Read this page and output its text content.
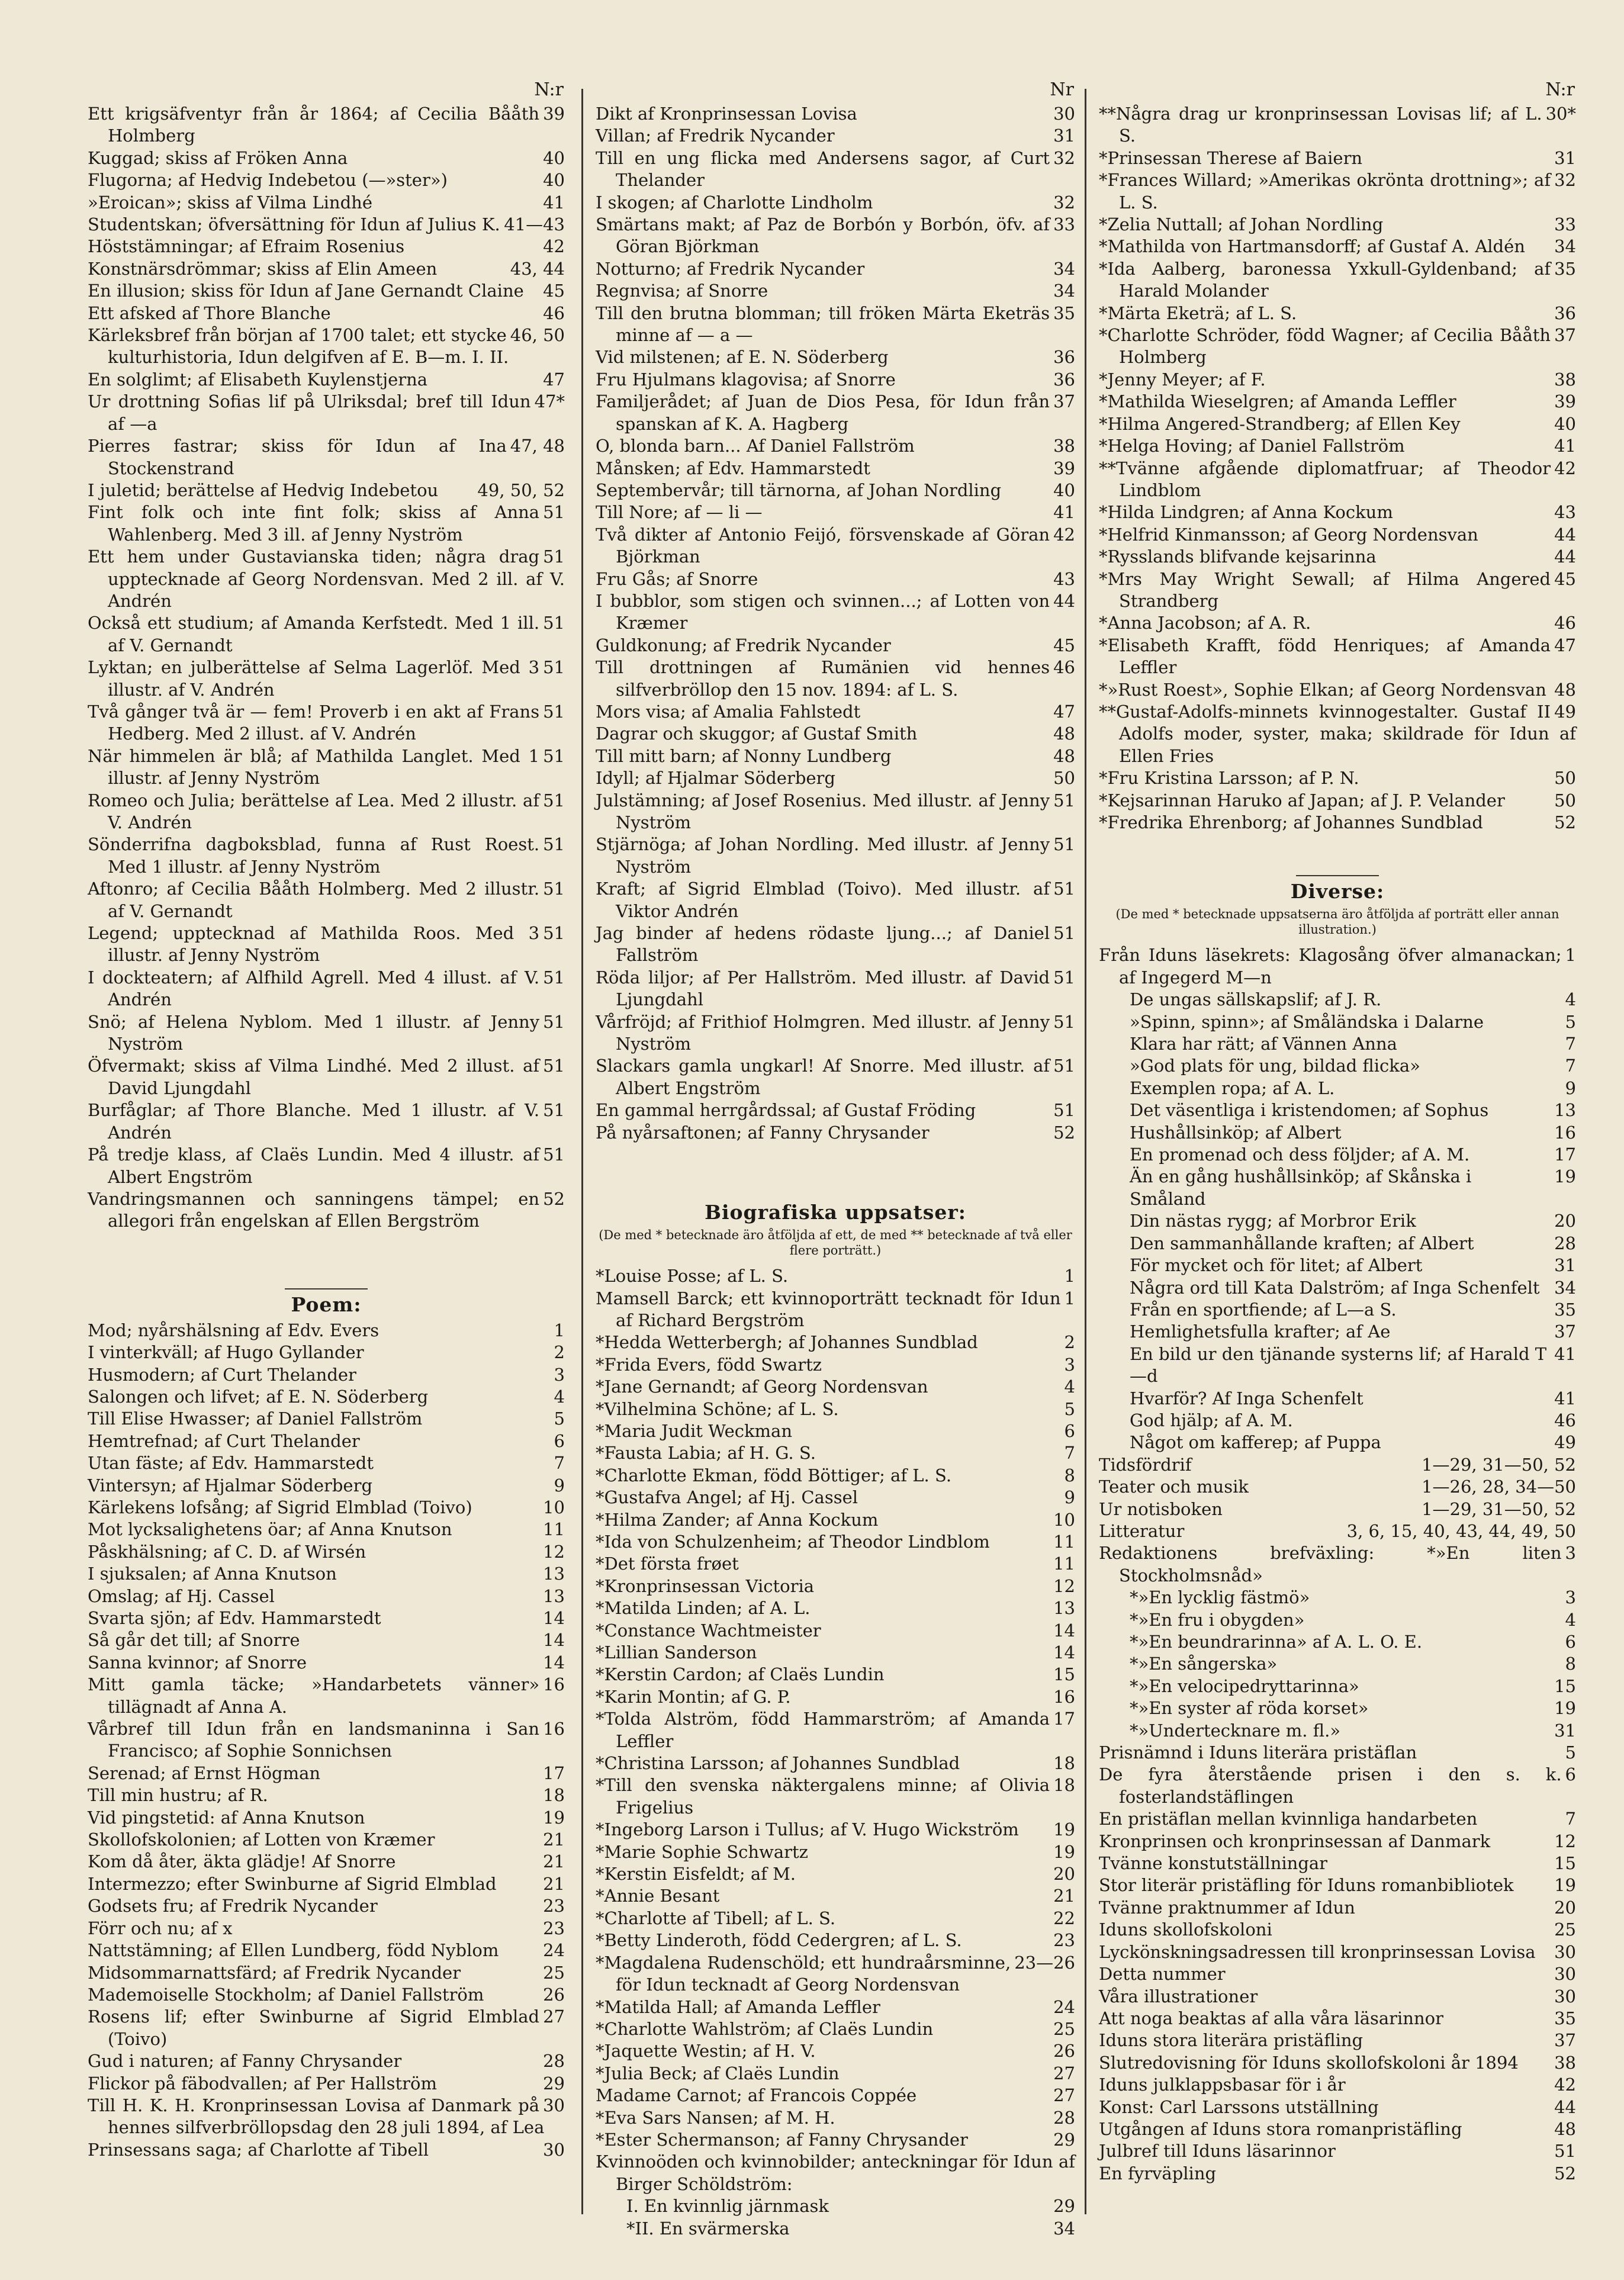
N:r
39
Ett krigsäfventyr från år 1864; af Cecilia Bååth Holmberg
40
Kuggad; skiss af Fröken Anna
40
Flugorna; af Hedvig Indebetou (—»ster»)
41
»Eroican»; skiss af Vilma Lindhé
41—43
Studentskan; öfversättning för Idun af Julius K.
42
Höststämningar; af Efraim Rosenius
43, 44
Konstnärsdrömmar; skiss af Elin Ameen
45
En illusion; skiss för Idun af Jane Gernandt Claine
46
Ett afsked af Thore Blanche
46, 50
Kärleksbref från början af 1700 talet; ett stycke kulturhistoria, Idun delgifven af E. B—m. I. II.
47
En solglimt; af Elisabeth Kuylenstjerna
47*
Ur drottning Sofias lif på Ulriksdal; bref till Idun af —a
47, 48
Pierres fastrar; skiss för Idun af Ina Stockenstrand
49, 50, 52
I juletid; berättelse af Hedvig Indebetou
51
Fint folk och inte fint folk; skiss af Anna Wahlenberg. Med 3 ill. af Jenny Nyström
51
Ett hem under Gustavianska tiden; några drag upptecknade af Georg Nordensvan. Med 2 ill. af V. Andrén
51
Också ett studium; af Amanda Kerfstedt. Med 1 ill. af V. Gernandt
51
Lyktan; en julberättelse af Selma Lagerlöf. Med 3 illustr. af V. Andrén
51
Två gånger två är — fem! Proverb i en akt af Frans Hedberg. Med 2 illust. af V. Andrén
51
När himmelen är blå; af Mathilda Langlet. Med 1 illustr. af Jenny Nyström
51
Romeo och Julia; berättelse af Lea. Med 2 illustr. af V. Andrén
51
Sönderrifna dagboksblad, funna af Rust Roest. Med 1 illustr. af Jenny Nyström
51
Aftonro; af Cecilia Bååth Holmberg. Med 2 illustr. af V. Gernandt
51
Legend; upptecknad af Mathilda Roos. Med 3 illustr. af Jenny Nyström
51
I dockteatern; af Alfhild Agrell. Med 4 illust. af V. Andrén
51
Snö; af Helena Nyblom. Med 1 illustr. af Jenny Nyström
51
Öfvermakt; skiss af Vilma Lindhé. Med 2 illust. af David Ljungdahl
51
Burfåglar; af Thore Blanche. Med 1 illustr. af V. Andrén
51
På tredje klass, af Claës Lundin. Med 4 illustr. af Albert Engström
52
Vandringsmannen och sanningens tämpel; en allegori från engelskan af Ellen Bergström
Poem:
1
Mod; nyårshälsning af Edv. Evers
2
I vinterkväll; af Hugo Gyllander
3
Husmodern; af Curt Thelander
4
Salongen och lifvet; af E. N. Söderberg
5
Till Elise Hwasser; af Daniel Fallström
6
Hemtrefnad; af Curt Thelander
7
Utan fäste; af Edv. Hammarstedt
9
Vintersyn; af Hjalmar Söderberg
10
Kärlekens lofsång; af Sigrid Elmblad (Toivo)
11
Mot lycksalighetens öar; af Anna Knutson
12
Påskhälsning; af C. D. af Wirsén
13
I sjuksalen; af Anna Knutson
13
Omslag; af Hj. Cassel
14
Svarta sjön; af Edv. Hammarstedt
14
Så går det till; af Snorre
14
Sanna kvinnor; af Snorre
16
Mitt gamla täcke; »Handarbetets vänner» tillägnadt af Anna A.
16
Vårbref till Idun från en landsmaninna i San Francisco; af Sophie Sonnichsen
17
Serenad; af Ernst Högman
18
Till min hustru; af R.
19
Vid pingstetid: af Anna Knutson
21
Skollofskolonien; af Lotten von Kræmer
21
Kom då åter, äkta glädje! Af Snorre
21
Intermezzo; efter Swinburne af Sigrid Elmblad
23
Godsets fru; af Fredrik Nycander
23
Förr och nu; af x
24
Nattstämning; af Ellen Lundberg, född Nyblom
25
Midsommarnattsfärd; af Fredrik Nycander
26
Mademoiselle Stockholm; af Daniel Fallström
27
Rosens lif; efter Swinburne af Sigrid Elmblad (Toivo)
28
Gud i naturen; af Fanny Chrysander
29
Flickor på fäbodvallen; af Per Hallström
30
Till H. K. H. Kronprinsessan Lovisa af Danmark på hennes silfverbröllopsdag den 28 juli 1894, af Lea
30
Prinsessans saga; af Charlotte af Tibell
Nr
30
Dikt af Kronprinsessan Lovisa
31
Villan; af Fredrik Nycander
32
Till en ung flicka med Andersens sagor, af Curt Thelander
32
I skogen; af Charlotte Lindholm
33
Smärtans makt; af Paz de Borbón y Borbón, öfv. af Göran Björkman
34
Notturno; af Fredrik Nycander
34
Regnvisa; af Snorre
35
Till den brutna blomman; till fröken Märta Eketräs minne af — a —
36
Vid milstenen; af E. N. Söderberg
36
Fru Hjulmans klagovisa; af Snorre
37
Familjerådet; af Juan de Dios Pesa, för Idun från spanskan af K. A. Hagberg
38
O, blonda barn... Af Daniel Fallström
39
Månsken; af Edv. Hammarstedt
40
Septembervår; till tärnorna, af Johan Nordling
41
Till Nore; af — li —
42
Två dikter af Antonio Feijó, försvenskade af Göran Björkman
43
Fru Gås; af Snorre
44
I bubblor, som stigen och svinnen...; af Lotten von Kræmer
45
Guldkonung; af Fredrik Nycander
46
Till drottningen af Rumänien vid hennes silfverbröllop den 15 nov. 1894: af L. S.
47
Mors visa; af Amalia Fahlstedt
48
Dagrar och skuggor; af Gustaf Smith
48
Till mitt barn; af Nonny Lundberg
50
Idyll; af Hjalmar Söderberg
51
Julstämning; af Josef Rosenius. Med illustr. af Jenny Nyström
51
Stjärnöga; af Johan Nordling. Med illustr. af Jenny Nyström
51
Kraft; af Sigrid Elmblad (Toivo). Med illustr. af Viktor Andrén
51
Jag binder af hedens rödaste ljung...; af Daniel Fallström
51
Röda liljor; af Per Hallström. Med illustr. af David Ljungdahl
51
Vårfröjd; af Frithiof Holmgren. Med illustr. af Jenny Nyström
51
Slackars gamla ungkarl! Af Snorre. Med illustr. af Albert Engström
51
En gammal herrgårdssal; af Gustaf Fröding
52
På nyårsaftonen; af Fanny Chrysander
Biografiska uppsatser:
(De med * betecknade äro åtföljda af ett, de med ** betecknade af två eller flere porträtt.)
1
*Louise Posse; af L. S.
1
Mamsell Barck; ett kvinnoporträtt tecknadt för Idun af Richard Bergström
2
*Hedda Wetterbergh; af Johannes Sundblad
3
*Frida Evers, född Swartz
4
*Jane Gernandt; af Georg Nordensvan
5
*Vilhelmina Schöne; af L. S.
6
*Maria Judit Weckman
7
*Fausta Labia; af H. G. S.
8
*Charlotte Ekman, född Böttiger; af L. S.
9
*Gustafva Angel; af Hj. Cassel
10
*Hilma Zander; af Anna Kockum
11
*Ida von Schulzenheim; af Theodor Lindblom
11
*Det första frøet
12
*Kronprinsessan Victoria
13
*Matilda Linden; af A. L.
14
*Constance Wachtmeister
14
*Lillian Sanderson
15
*Kerstin Cardon; af Claës Lundin
16
*Karin Montin; af G. P.
17
*Tolda Alström, född Hammarström; af Amanda Leffler
18
*Christina Larsson; af Johannes Sundblad
18
*Till den svenska näktergalens minne; af Olivia Frigelius
19
*Ingeborg Larson i Tullus; af V. Hugo Wickström
19
*Marie Sophie Schwartz
20
*Kerstin Eisfeldt; af M.
21
*Annie Besant
22
*Charlotte af Tibell; af L. S.
23
*Betty Linderoth, född Cedergren; af L. S.
23—26
*Magdalena Rudenschöld; ett hundraårsminne, för Idun tecknadt af Georg Nordensvan
24
*Matilda Hall; af Amanda Leffler
25
*Charlotte Wahlström; af Claës Lundin
26
*Jaquette Westin; af H. V.
27
*Julia Beck; af Claës Lundin
27
Madame Carnot; af Francois Coppée
28
*Eva Sars Nansen; af M. H.
29
*Ester Schermanson; af Fanny Chrysander
Kvinnoöden och kvinnobilder; anteckningar för Idun af Birger Schöldström:
29
I. En kvinnlig järnmask
34
*II. En svärmerska
N:r
30*
**Några drag ur kronprinsessan Lovisas lif; af L. S.
31
*Prinsessan Therese af Baiern
32
*Frances Willard; »Amerikas okrönta drottning»; af L. S.
33
*Zelia Nuttall; af Johan Nordling
34
*Mathilda von Hartmansdorff; af Gustaf A. Aldén
35
*Ida Aalberg, baronessa Yxkull-Gyldenband; af Harald Molander
36
*Märta Eketrä; af L. S.
37
*Charlotte Schröder, född Wagner; af Cecilia Bååth Holmberg
38
*Jenny Meyer; af F.
39
*Mathilda Wieselgren; af Amanda Leffler
40
*Hilma Angered-Strandberg; af Ellen Key
41
*Helga Hoving; af Daniel Fallström
42
**Tvänne afgående diplomatfruar; af Theodor Lindblom
43
*Hilda Lindgren; af Anna Kockum
44
*Helfrid Kinmansson; af Georg Nordensvan
44
*Rysslands blifvande kejsarinna
45
*Mrs May Wright Sewall; af Hilma Angered Strandberg
46
*Anna Jacobson; af A. R.
47
*Elisabeth Krafft, född Henriques; af Amanda Leffler
48
*»Rust Roest», Sophie Elkan; af Georg Nordensvan
49
**Gustaf-Adolfs-minnets kvinnogestalter. Gustaf II Adolfs moder, syster, maka; skildrade för Idun af Ellen Fries
50
*Fru Kristina Larsson; af P. N.
50
*Kejsarinnan Haruko af Japan; af J. P. Velander
52
*Fredrika Ehrenborg; af Johannes Sundblad
Diverse:
(De med * betecknade uppsatserna äro åtföljda af porträtt eller annan illustration.)
1
Från Iduns läsekrets: Klagosång öfver almanackan; af Ingegerd M—n
4
De ungas sällskapslif; af J. R.
5
»Spinn, spinn»; af Småländska i Dalarne
7
Klara har rätt; af Vännen Anna
7
»God plats för ung, bildad flicka»
9
Exemplen ropa; af A. L.
13
Det väsentliga i kristendomen; af Sophus
16
Hushållsinköp; af Albert
17
En promenad och dess följder; af A. M.
19
Än en gång hushållsinköp; af Skånska i Småland
20
Din nästas rygg; af Morbror Erik
28
Den sammanhållande kraften; af Albert
31
För mycket och för litet; af Albert
34
Några ord till Kata Dalström; af Inga Schenfelt
35
Från en sportfiende; af L—a S.
37
Hemlighetsfulla krafter; af Ae
41
En bild ur den tjänande systerns lif; af Harald T—d
41
Hvarför? Af Inga Schenfelt
46
God hjälp; af A. M.
49
Något om kafferep; af Puppa
1—29, 31—50, 52
Tidsfördrif
1—26, 28, 34—50
Teater och musik
1—29, 31—50, 52
Ur notisboken
3, 6, 15, 40, 43, 44, 49, 50
Litteratur
3
Redaktionens brefväxling: *»En liten Stockholmsnåd»
3
*»En lycklig fästmö»
4
*»En fru i obygden»
6
*»En beundrarinna» af A. L. O. E.
8
*»En sångerska»
15
*»En velocipedryttarinna»
19
*»En syster af röda korset»
31
*»Undertecknare m. fl.»
5
Prisnämnd i Iduns literära pristäflan
6
De fyra återstående prisen i den s. k. fosterlandstäflingen
7
En pristäflan mellan kvinnliga handarbeten
12
Kronprinsen och kronprinsessan af Danmark
15
Tvänne konstutställningar
19
Stor literär pristäfling för Iduns romanbibliotek
20
Tvänne praktnummer af Idun
25
Iduns skollofskoloni
30
Lyckönskningsadressen till kronprinsessan Lovisa
30
Detta nummer
30
Våra illustrationer
35
Att noga beaktas af alla våra läsarinnor
37
Iduns stora literära pristäfling
38
Slutredovisning för Iduns skollofskoloni år 1894
42
Iduns julklappsbasar för i år
44
Konst: Carl Larssons utställning
48
Utgången af Iduns stora romanpristäfling
51
Julbref till Iduns läsarinnor
52
En fyrväpling
